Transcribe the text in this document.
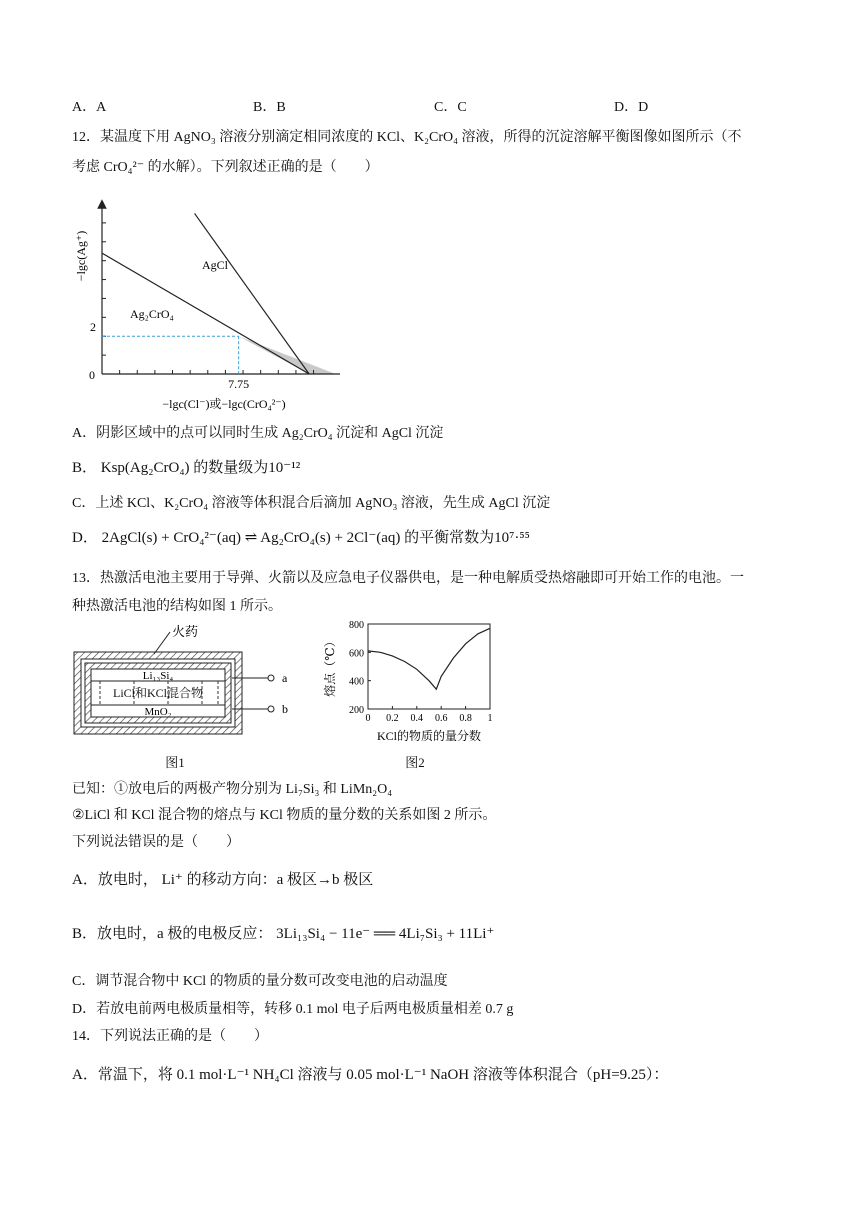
A．A	B．B	C．C	D．D
12．某温度下用 AgNO₃ 溶液分别滴定相同浓度的 KCl、K₂CrO₄ 溶液，所得的沉淀溶解平衡图像如图所示（不
考虑 CrO₄²⁻ 的水解）。下列叙述正确的是（　　）
−lgc(Ag⁺)	AgCl
Ag₂CrO₄
2
0
7.75
−lgc(Cl⁻)或−lgc(CrO₄²⁻)
A．阴影区域中的点可以同时生成 Ag₂CrO₄ 沉淀和 AgCl 沉淀
B． Ksp(Ag₂CrO₄) 的数量级为10⁻¹²
C．上述 KCl、K₂CrO₄ 溶液等体积混合后滴加 AgNO₃ 溶液，先生成 AgCl 沉淀
D． 2AgCl(s) + CrO₄²⁻(aq) ⇌ Ag₂CrO₄(s) + 2Cl⁻(aq) 的平衡常数为10⁷·⁵⁵
13．热激活电池主要用于导弹、火箭以及应急电子仪器供电，是一种电解质受热熔融即可开始工作的电池。一
种热激活电池的结构如图 1 所示。
Li₁₃Si₄
LiCl和KCl混合物
MnO₂
a
b
火药
图1
0 0.2 0.4 0.6 0.8 1
200
400
600
800
熔点（℃）
KCl的物质的量分数
图2
已知：①放电后的两极产物分别为 Li₇Si₃ 和 LiMn₂O₄
②LiCl 和 KCl 混合物的熔点与 KCl 物质的量分数的关系如图 2 所示。
下列说法错误的是（　　）
A．放电时， Li⁺ 的移动方向：a 极区→b 极区
B．放电时，a 极的电极反应： 3Li₁₃Si₄ − 11e⁻ ══ 4Li₇Si₃ + 11Li⁺
C．调节混合物中 KCl 的物质的量分数可改变电池的启动温度
D．若放电前两电极质量相等，转移 0.1 mol 电子后两电极质量相差 0.7 g
14．下列说法正确的是（　　）
A．常温下，将 0.1 mol·L⁻¹ NH₄Cl 溶液与 0.05 mol·L⁻¹ NaOH 溶液等体积混合（pH=9.25）：
